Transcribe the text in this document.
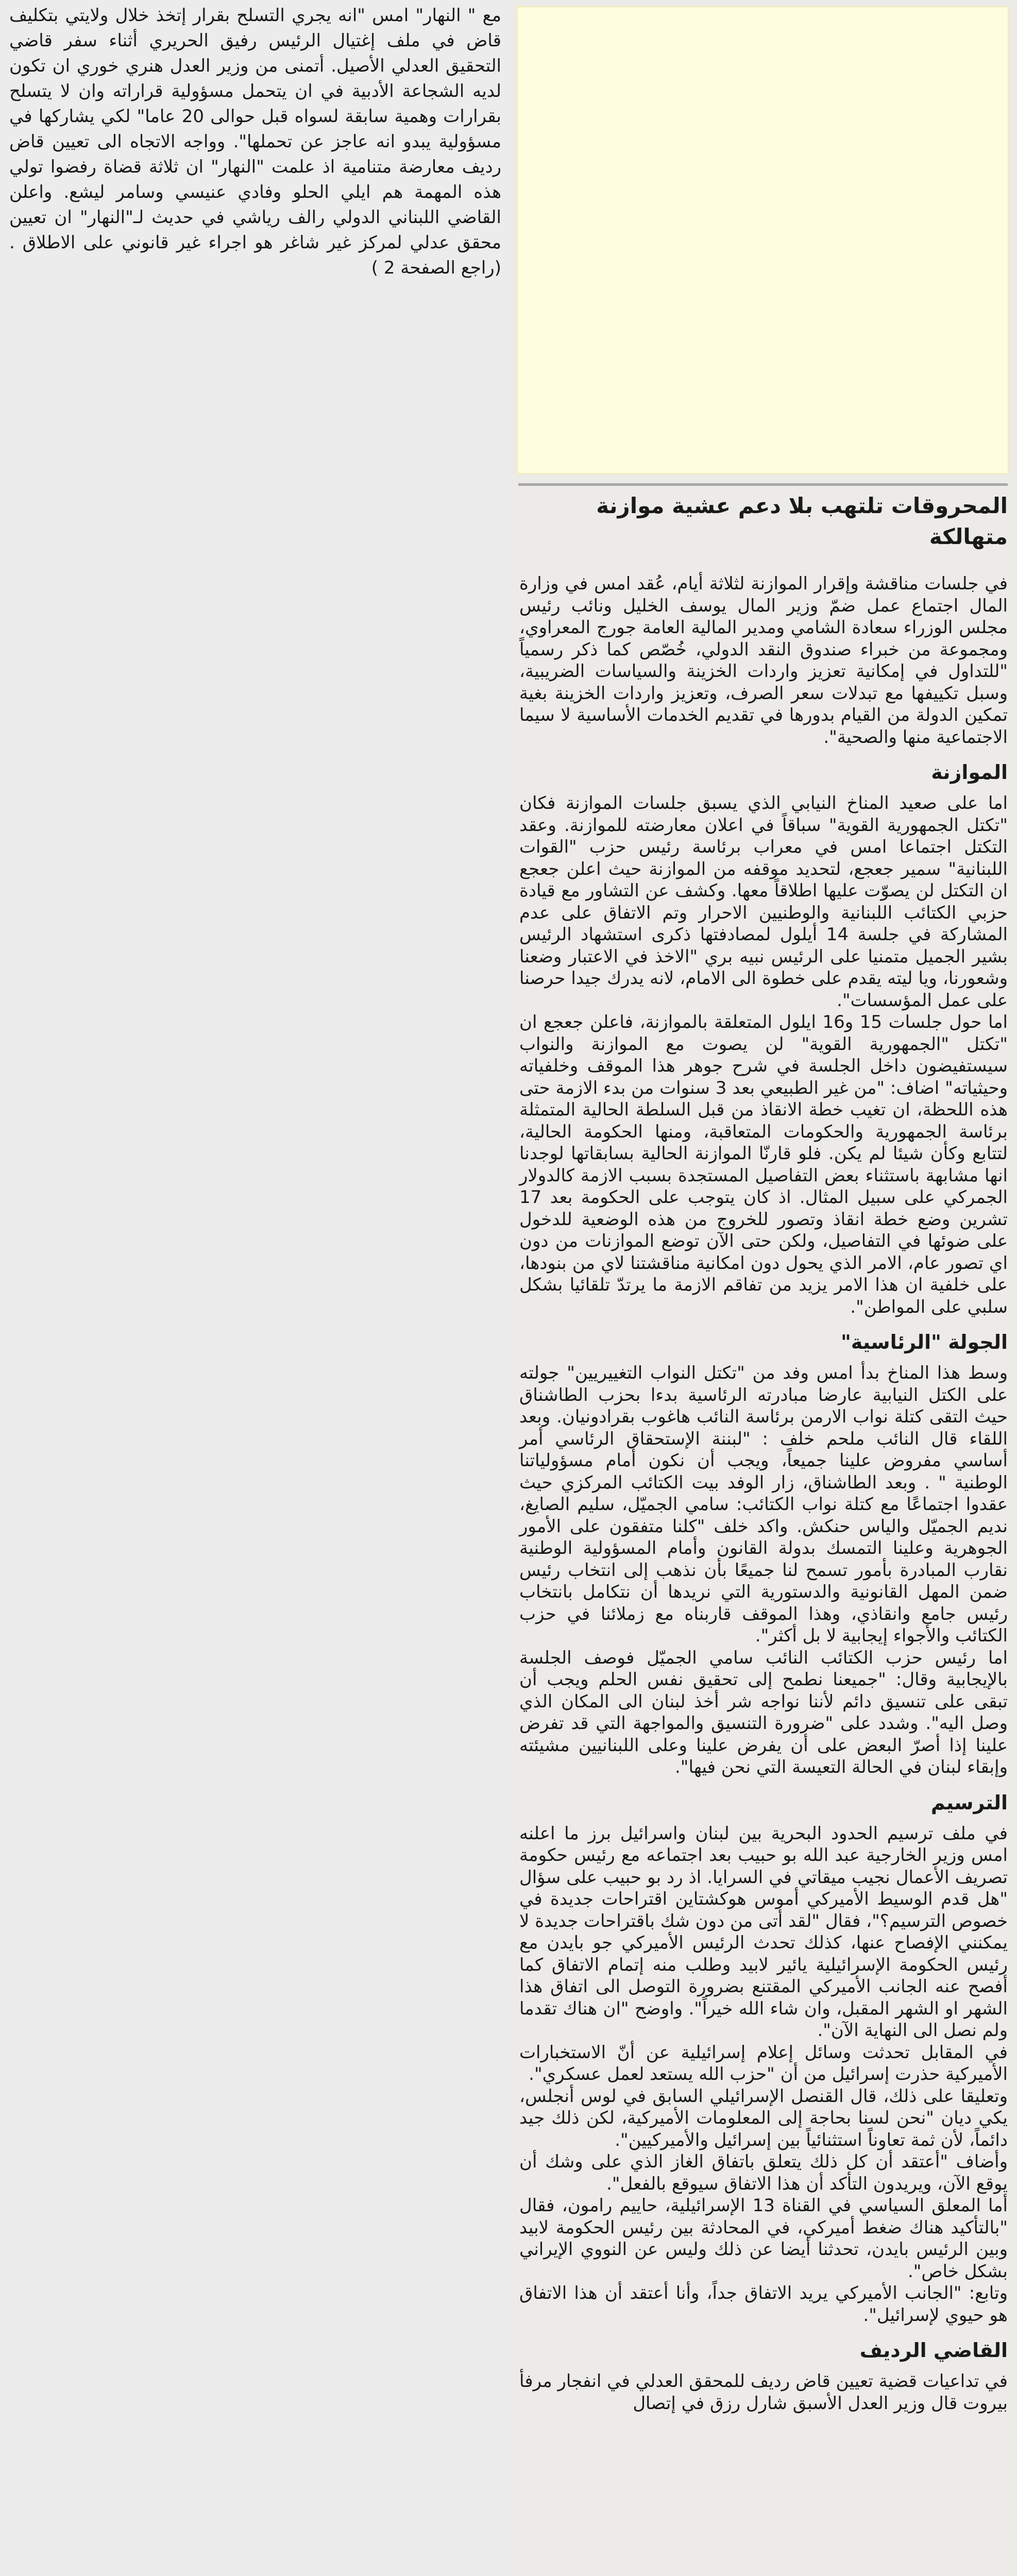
مع " النهار" امس "انه يجري التسلح بقرار إتخذ خلال ولايتي بتكليف قاض في ملف إغتيال الرئيس رفيق الحريري أثناء سفر قاضي التحقيق العدلي الأصيل. أتمنى من وزير العدل هنري خوري ان تكون لديه الشجاعة الأدبية في ان يتحمل مسؤولية قراراته وان لا يتسلح بقرارات وهمية سابقة لسواه قبل حوالى 20 عاما" لكي يشاركها في مسؤولية يبدو انه عاجز عن تحملها". وواجه الاتجاه الى تعيين قاض رديف معارضة متنامية اذ علمت "النهار" ان ثلاثة قضاة رفضوا تولي هذه المهمة هم ايلي الحلو وفادي عنيسي وسامر ليشع. واعلن القاضي اللبناني الدولي رالف رياشي في حديث لـ"النهار" ان تعيين محقق عدلي لمركز غير شاغر هو اجراء غير قانوني على الاطلاق . (راجع الصفحة 2 )

المحروقات تلتهب بلا دعم عشية موازنة متهالكة

في جلسات مناقشة وإقرار الموازنة لثلاثة أيام، عُقد امس في وزارة المال اجتماع عمل ضمّ وزير المال يوسف الخليل ونائب رئيس مجلس الوزراء سعادة الشامي ومدير المالية العامة جورج المعراوي، ومجموعة من خبراء صندوق النقد الدولي، خُصّص كما ذكر رسمياً "للتداول في إمكانية تعزيز واردات الخزينة والسياسات الضريبية، وسبل تكييفها مع تبدلات سعر الصرف، وتعزيز واردات الخزينة بغية تمكين الدولة من القيام بدورها في تقديم الخدمات الأساسية لا سيما الاجتماعية منها والصحية".

الموازنة

اما على صعيد المناخ النيابي الذي يسبق جلسات الموازنة فكان "تكتل الجمهورية القوية" سباقاً في اعلان معارضته للموازنة. وعقد التكتل اجتماعا امس في معراب برئاسة رئيس حزب "القوات اللبنانية" سمير جعجع، لتحديد موقفه من الموازنة حيث اعلن جعجع ان التكتل لن يصوّت عليها اطلاقاً معها. وكشف عن التشاور مع قيادة حزبي الكتائب اللبنانية والوطنيين الاحرار وتم الاتفاق على عدم المشاركة في جلسة 14 أيلول لمصادفتها ذكرى استشهاد الرئيس بشير الجميل متمنيا على الرئيس نبيه بري "الاخذ في الاعتبار وضعنا وشعورنا، ويا ليته يقدم على خطوة الى الامام، لانه يدرك جيدا حرصنا على عمل المؤسسات".

اما حول جلسات 15 و16 ايلول المتعلقة بالموازنة، فاعلن جعجع ان "تكتل "الجمهورية القوية" لن يصوت مع الموازنة والنواب سيستفيضون داخل الجلسة في شرح جوهر هذا الموقف وخلفياته وحيثياته" اضاف: "من غير الطبيعي بعد 3 سنوات من بدء الازمة حتى هذه اللحظة، ان تغيب خطة الانقاذ من قبل السلطة الحالية المتمثلة برئاسة الجمهورية والحكومات المتعاقبة، ومنها الحكومة الحالية، لتتابع وكأن شيئا لم يكن. فلو قارنّا الموازنة الحالية بسابقاتها لوجدنا انها مشابهة باستثناء بعض التفاصيل المستجدة بسبب الازمة كالدولار الجمركي على سبيل المثال. اذ كان يتوجب على الحكومة بعد 17 تشرين وضع خطة انقاذ وتصور للخروج من هذه الوضعية للدخول على ضوئها في التفاصيل، ولكن حتى الآن توضع الموازنات من دون اي تصور عام، الامر الذي يحول دون امكانية مناقشتنا لاي من بنودها، على خلفية ان هذا الامر يزيد من تفاقم الازمة ما يرتدّ تلقائيا بشكل سلبي على المواطن".

الجولة "الرئاسية"

وسط هذا المناخ بدأ امس وفد من "تكتل النواب التغييريين" جولته على الكتل النيابية عارضا مبادرته الرئاسية بدءا بحزب الطاشناق حيث التقى كتلة نواب الارمن برئاسة النائب هاغوب بقرادونيان. وبعد اللقاء قال النائب ملحم خلف : "لبننة الإستحقاق الرئاسي أمر أساسي مفروض علينا جميعاً، ويجب أن نكون أمام مسؤولياتنا الوطنية " . وبعد الطاشناق، زار الوفد بيت الكتائب المركزي حيث عقدوا اجتماعًا مع كتلة نواب الكتائب: سامي الجميّل، سليم الصايغ، نديم الجميّل والياس حنكش. واكد خلف "كلنا متفقون على الأمور الجوهرية وعلينا التمسك بدولة القانون وأمام المسؤولية الوطنية نقارب المبادرة بأمور تسمح لنا جميعًا بأن نذهب إلى انتخاب رئيس ضمن المهل القانونية والدستورية التي نريدها أن نتكامل بانتخاب رئيس جامع وانقاذي، وهذا الموقف قاربناه مع زملائنا في حزب الكتائب والأجواء إيجابية لا بل أكثر".

اما رئيس حزب الكتائب النائب سامي الجميّل فوصف الجلسة بالإيجابية وقال: "جميعنا نطمح إلى تحقيق نفس الحلم ويجب أن تبقى على تنسيق دائم لأننا نواجه شر أخذ لبنان الى المكان الذي وصل اليه". وشدد على "ضرورة التنسيق والمواجهة التي قد تفرض علينا إذا أصرّ البعض على أن يفرض علينا وعلى اللبنانيين مشيئته وإبقاء لبنان في الحالة التعيسة التي نحن فيها".

الترسيم

في ملف ترسيم الحدود البحرية بين لبنان واسرائيل برز ما اعلنه امس وزير الخارجية عبد الله بو حبيب بعد اجتماعه مع رئيس حكومة تصريف الأعمال نجيب ميقاتي في السرايا. اذ رد بو حبيب على سؤال "هل قدم الوسيط الأميركي أموس هوكشتاين اقتراحات جديدة في خصوص الترسيم؟"، فقال "لقد أتى من دون شك باقتراحات جديدة لا يمكنني الإفصاح عنها، كذلك تحدث الرئيس الأميركي جو بايدن مع رئيس الحكومة الإسرائيلية يائير لابيد وطلب منه إتمام الاتفاق كما أفصح عنه الجانب الأميركي المقتنع بضرورة التوصل الى اتفاق هذا الشهر او الشهر المقبل، وان شاء الله خيراً". واوضح "ان هناك تقدما ولم نصل الى النهاية الآن".

في المقابل تحدثت وسائل إعلام إسرائيلية عن أنّ الاستخبارات الأميركية حذرت إسرائيل من أن "حزب الله يستعد لعمل عسكري".

وتعليقا على ذلك، قال القنصل الإسرائيلي السابق في لوس أنجلس، يكي ديان "نحن لسنا بحاجة إلى المعلومات الأميركية، لكن ذلك جيد دائماً، لأن ثمة تعاوناً استثنائياً بين إسرائيل والأميركيين".

وأضاف "أعتقد أن كل ذلك يتعلق باتفاق الغاز الذي على وشك أن يوقع الآن، ويريدون التأكد أن هذا الاتفاق سيوقع بالفعل".

أما المعلق السياسي في القناة 13 الإسرائيلية، حاييم رامون، فقال "بالتأكيد هناك ضغط أميركي، في المحادثة بين رئيس الحكومة لابيد وبين الرئيس بايدن، تحدثنا أيضا عن ذلك وليس عن النووي الإيراني بشكل خاص".

وتابع: "الجانب الأميركي يريد الاتفاق جداً، وأنا أعتقد أن هذا الاتفاق هو حيوي لإسرائيل".

القاضي الرديف

في تداعيات قضية تعيين قاض رديف للمحقق العدلي في انفجار مرفأ بيروت قال وزير العدل الأسبق شارل رزق في إتصال
